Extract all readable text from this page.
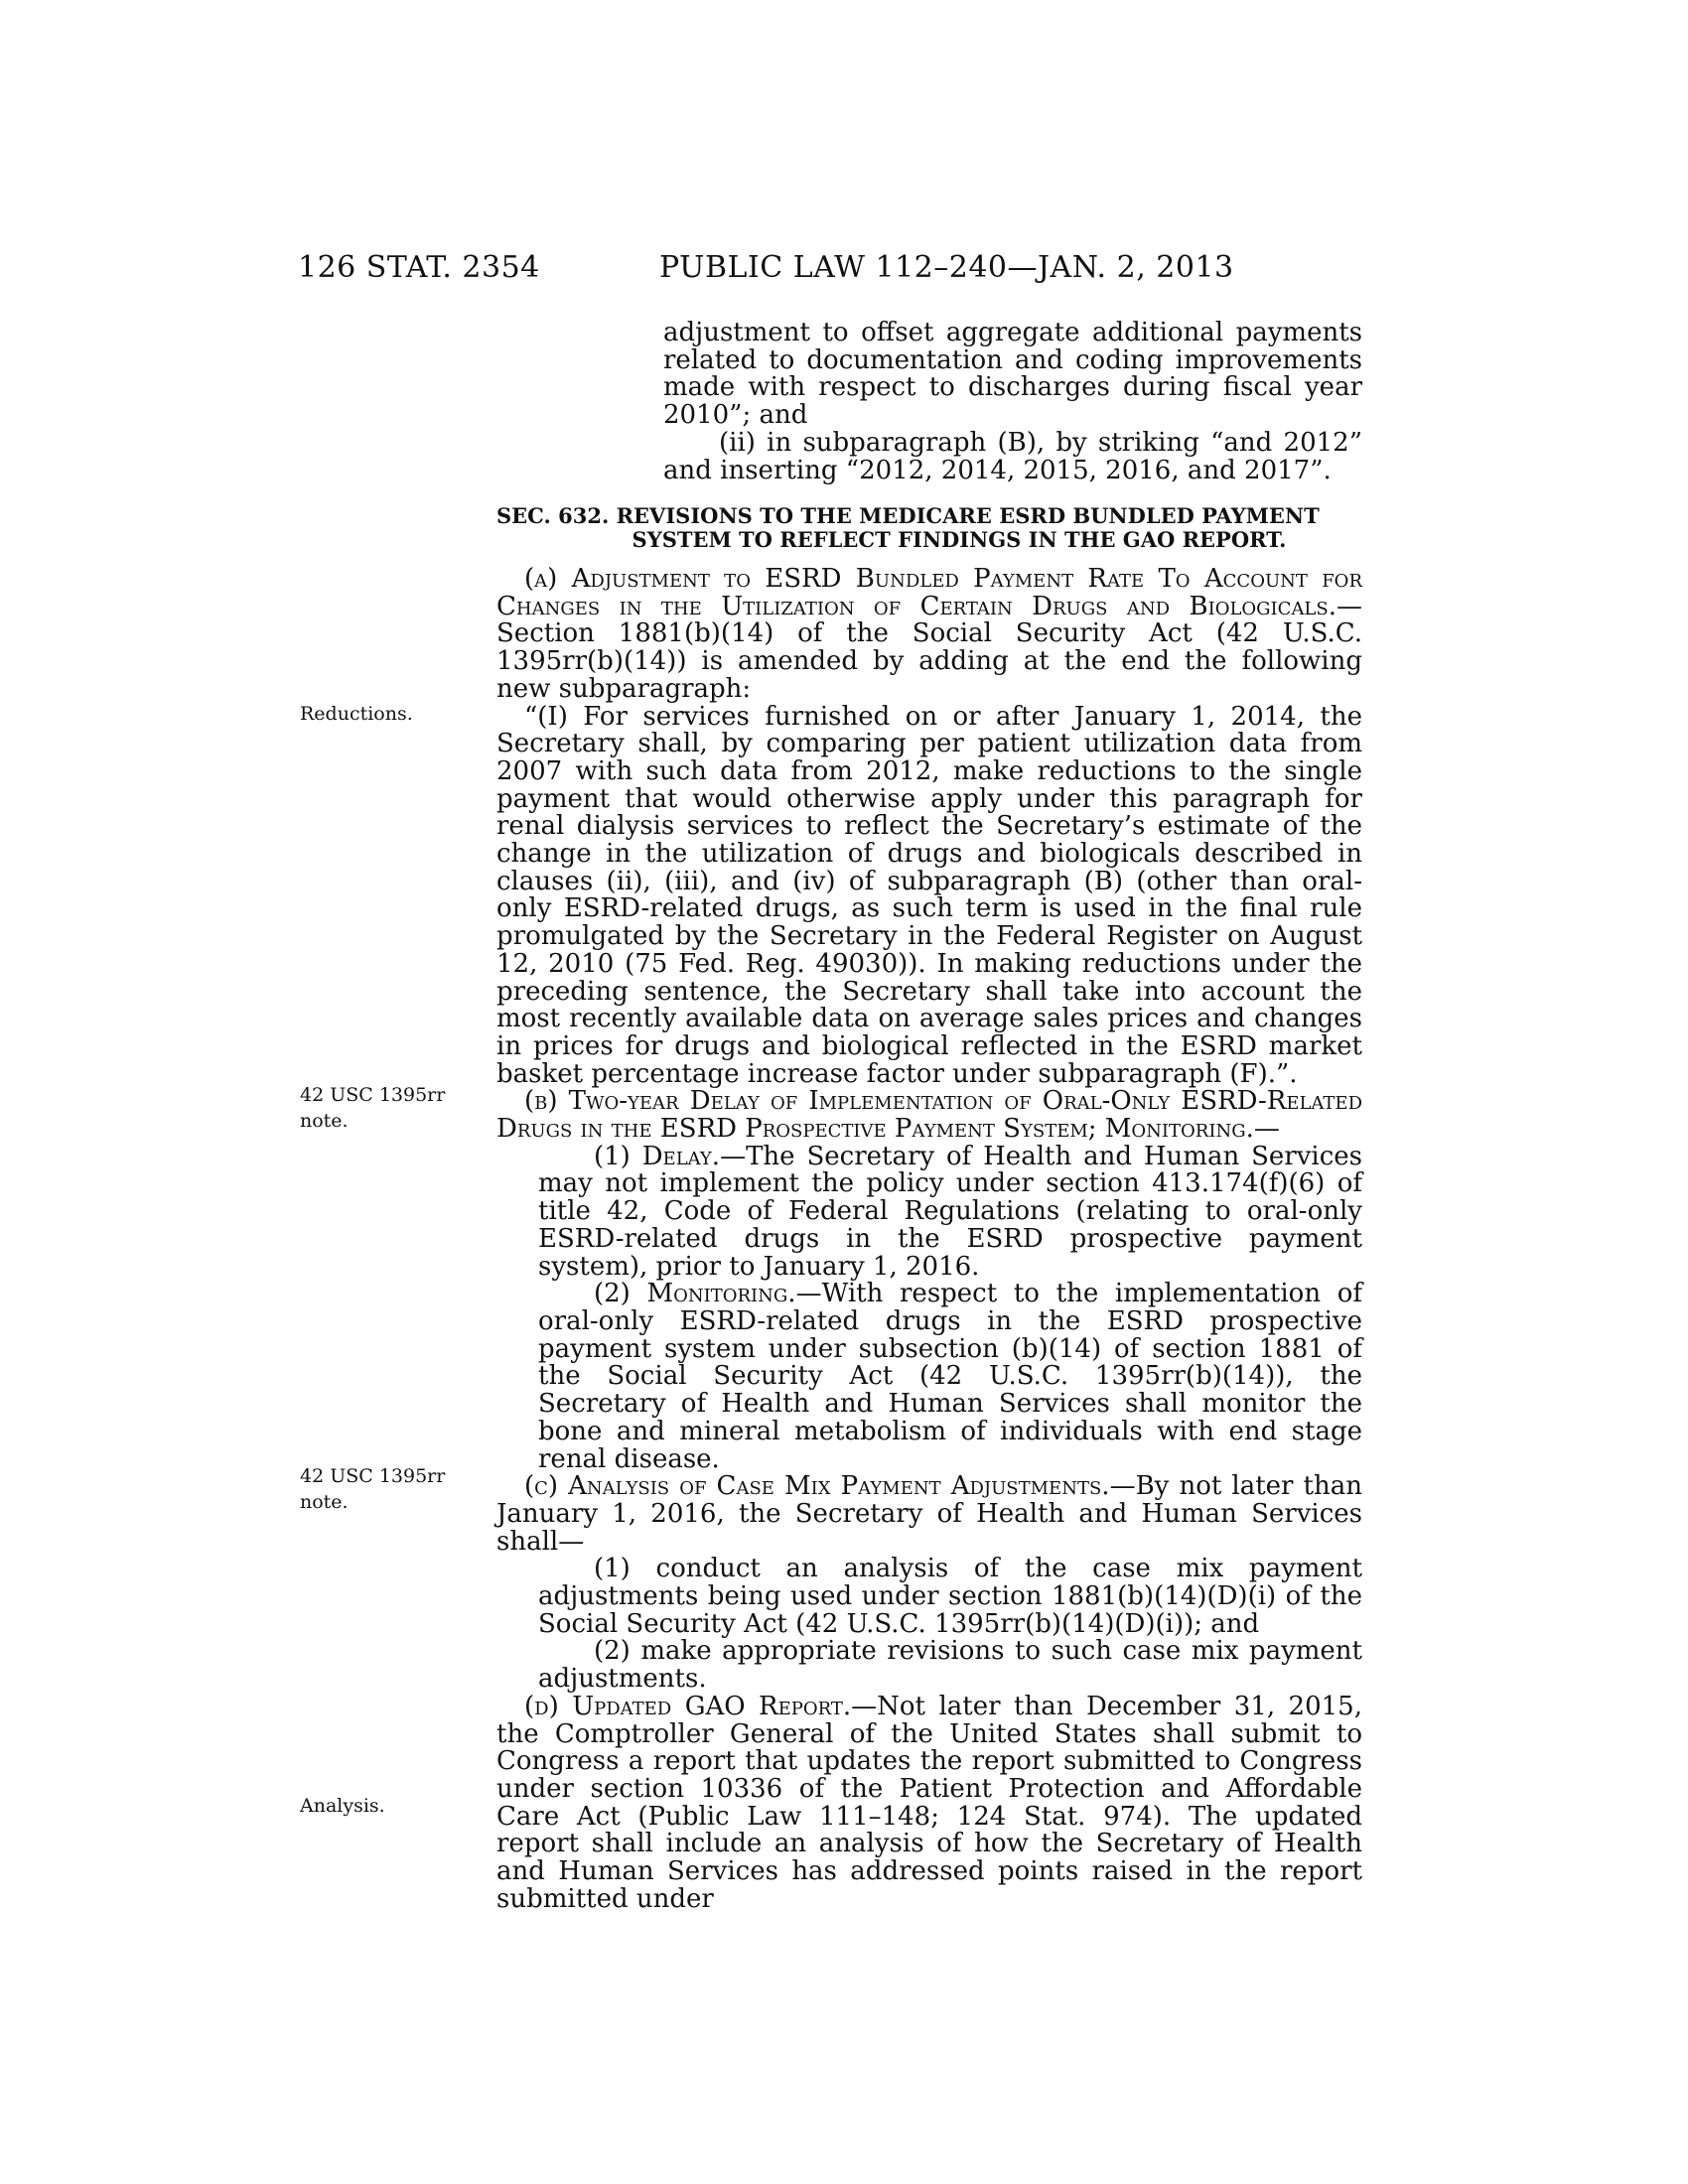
126 STAT. 2354	PUBLIC LAW 112–240—JAN. 2, 2013
Reductions.
42 USC 1395rr note.
42 USC 1395rr note.
Analysis.

adjustment to offset aggregate additional payments related to documentation and coding improvements made with respect to discharges during fiscal year 2010”; and

(ii) in subparagraph (B), by striking “and 2012” and inserting “2012, 2014, 2015, 2016, and 2017”.

SEC. 632. REVISIONS TO THE MEDICARE ESRD BUNDLED PAYMENT
SYSTEM TO REFLECT FINDINGS IN THE GAO REPORT.

(a) Adjustment to ESRD Bundled Payment Rate To Account for Changes in the Utilization of Certain Drugs and Biologicals.—Section 1881(b)(14) of the Social Security Act (42 U.S.C. 1395rr(b)(14)) is amended by adding at the end the following new subparagraph:

“(I) For services furnished on or after January 1, 2014, the Secretary shall, by comparing per patient utilization data from 2007 with such data from 2012, make reductions to the single payment that would otherwise apply under this paragraph for renal dialysis services to reflect the Secretary’s estimate of the change in the utilization of drugs and biologicals described in clauses (ii), (iii), and (iv) of subparagraph (B) (other than oral-only ESRD-related drugs, as such term is used in the final rule promulgated by the Secretary in the Federal Register on August 12, 2010 (75 Fed. Reg. 49030)). In making reductions under the preceding sentence, the Secretary shall take into account the most recently available data on average sales prices and changes in prices for drugs and biological reflected in the ESRD market basket percentage increase factor under subparagraph (F).”.

(b) Two-year Delay of Implementation of Oral-Only ESRD-Related Drugs in the ESRD Prospective Payment System; Monitoring.—

(1) Delay.—The Secretary of Health and Human Services may not implement the policy under section 413.174(f)(6) of title 42, Code of Federal Regulations (relating to oral-only ESRD-related drugs in the ESRD prospective payment system), prior to January 1, 2016.

(2) Monitoring.—With respect to the implementation of oral-only ESRD-related drugs in the ESRD prospective payment system under subsection (b)(14) of section 1881 of the Social Security Act (42 U.S.C. 1395rr(b)(14)), the Secretary of Health and Human Services shall monitor the bone and mineral metabolism of individuals with end stage renal disease.

(c) Analysis of Case Mix Payment Adjustments.—By not later than January 1, 2016, the Secretary of Health and Human Services shall—

(1) conduct an analysis of the case mix payment adjustments being used under section 1881(b)(14)(D)(i) of the Social Security Act (42 U.S.C. 1395rr(b)(14)(D)(i)); and

(2) make appropriate revisions to such case mix payment adjustments.

(d) Updated GAO Report.—Not later than December 31, 2015, the Comptroller General of the United States shall submit to Congress a report that updates the report submitted to Congress under section 10336 of the Patient Protection and Affordable Care Act (Public Law 111–148; 124 Stat. 974). The updated report shall include an analysis of how the Secretary of Health and Human Services has addressed points raised in the report submitted under
